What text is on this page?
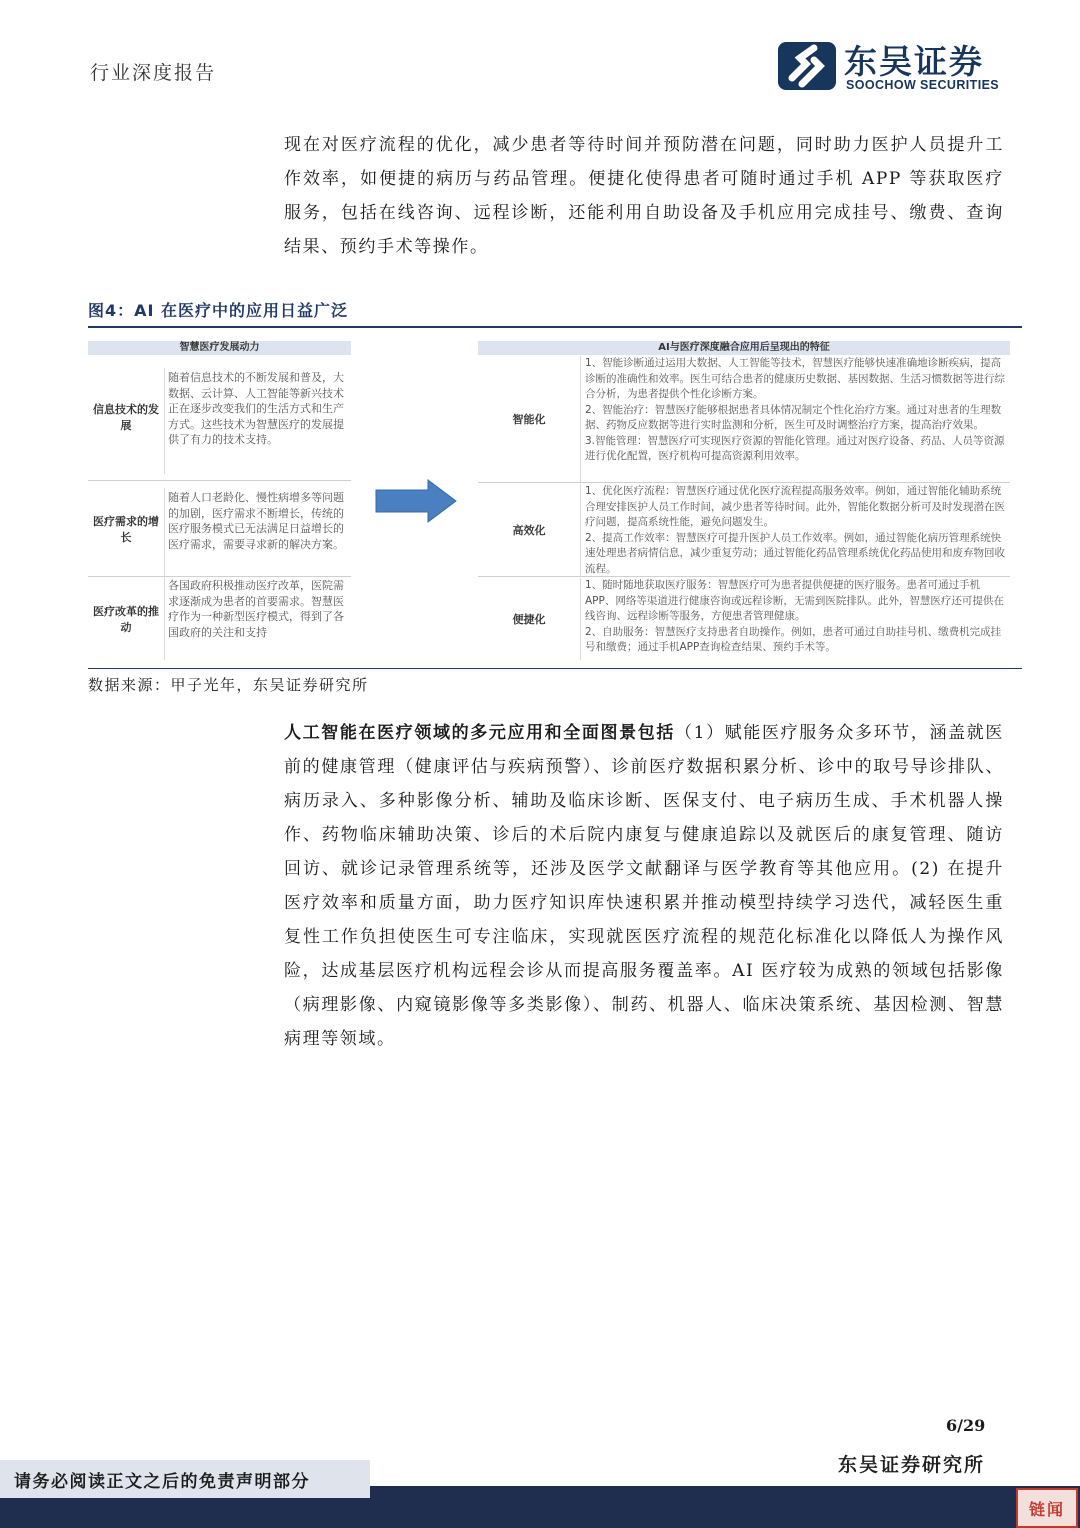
行业深度报告	东吴证券
SOOCHOW SECURITIES
现在对医疗流程的优化，减少患者等待时间并预防潜在问题，同时助力医护人员提升工作效率，如便捷的病历与药品管理。便捷化使得患者可随时通过手机 APP 等获取医疗服务，包括在线咨询、远程诊断，还能利用自助设备及手机应用完成挂号、缴费、查询结果、预约手术等操作。
图4：AI 在医疗中的应用日益广泛
智慧医疗发展动力	AI与医疗深度融合应用后呈现出的特征
信息技术的发展
随着信息技术的不断发展和普及，大数据、云计算、人工智能等新兴技术正在逐步改变我们的生活方式和生产方式。这些技术为智慧医疗的发展提供了有力的技术支持。
医疗需求的增长
随着人口老龄化、慢性病增多等问题的加剧，医疗需求不断增长，传统的医疗服务模式已无法满足日益增长的医疗需求，需要寻求新的解决方案。
医疗改革的推动
各国政府积极推动医疗改革，医院需求逐渐成为患者的首要需求。智慧医疗作为一种新型医疗模式，得到了各国政府的关注和支持
智能化
1、智能诊断通过运用大数据、人工智能等技术，智慧医疗能够快速准确地诊断疾病，提高诊断的准确性和效率。医生可结合患者的健康历史数据、基因数据、生活习惯数据等进行综合分析，为患者提供个性化诊断方案。
2、智能治疗：智慧医疗能够根据患者具体情况制定个性化治疗方案。通过对患者的生理数据、药物反应数据等进行实时监测和分析，医生可及时调整治疗方案，提高治疗效果。
3.智能管理：智慧医疗可实现医疗资源的智能化管理。通过对医疗设备、药品、人员等资源进行优化配置，医疗机构可提高资源利用效率。
高效化
1、优化医疗流程：智慧医疗通过优化医疗流程提高服务效率。例如，通过智能化辅助系统合理安排医护人员工作时间，减少患者等待时间。此外，智能化数据分析可及时发现潜在医疗问题，提高系统性能，避免问题发生。
2、提高工作效率：智慧医疗可提升医护人员工作效率。例如，通过智能化病历管理系统快速处理患者病情信息，减少重复劳动；通过智能化药品管理系统优化药品使用和废弃物回收流程。
便捷化
1、随时随地获取医疗服务：智慧医疗可为患者提供便捷的医疗服务。患者可通过手机APP、网络等渠道进行健康咨询或远程诊断，无需到医院排队。此外，智慧医疗还可提供在线咨询、远程诊断等服务，方便患者管理健康。
2、自助服务：智慧医疗支持患者自助操作。例如，患者可通过自助挂号机、缴费机完成挂号和缴费；通过手机APP查询检查结果、预约手术等。
数据来源：甲子光年，东吴证券研究所
人工智能在医疗领域的多元应用和全面图景包括（1）赋能医疗服务众多环节，涵盖就医前的健康管理（健康评估与疾病预警）、诊前医疗数据积累分析、诊中的取号导诊排队、病历录入、多种影像分析、辅助及临床诊断、医保支付、电子病历生成、手术机器人操作、药物临床辅助决策、诊后的术后院内康复与健康追踪以及就医后的康复管理、随访回访、就诊记录管理系统等，还涉及医学文献翻译与医学教育等其他应用。(2) 在提升医疗效率和质量方面，助力医疗知识库快速积累并推动模型持续学习迭代，减轻医生重复性工作负担使医生可专注临床，实现就医医疗流程的规范化标准化以降低人为操作风险，达成基层医疗机构远程会诊从而提高服务覆盖率。AI 医疗较为成熟的领域包括影像（病理影像、内窥镜影像等多类影像）、制药、机器人、临床决策系统、基因检测、智慧病理等领域。
6/29
东吴证券研究所
请务必阅读正文之后的免责声明部分
链闻
